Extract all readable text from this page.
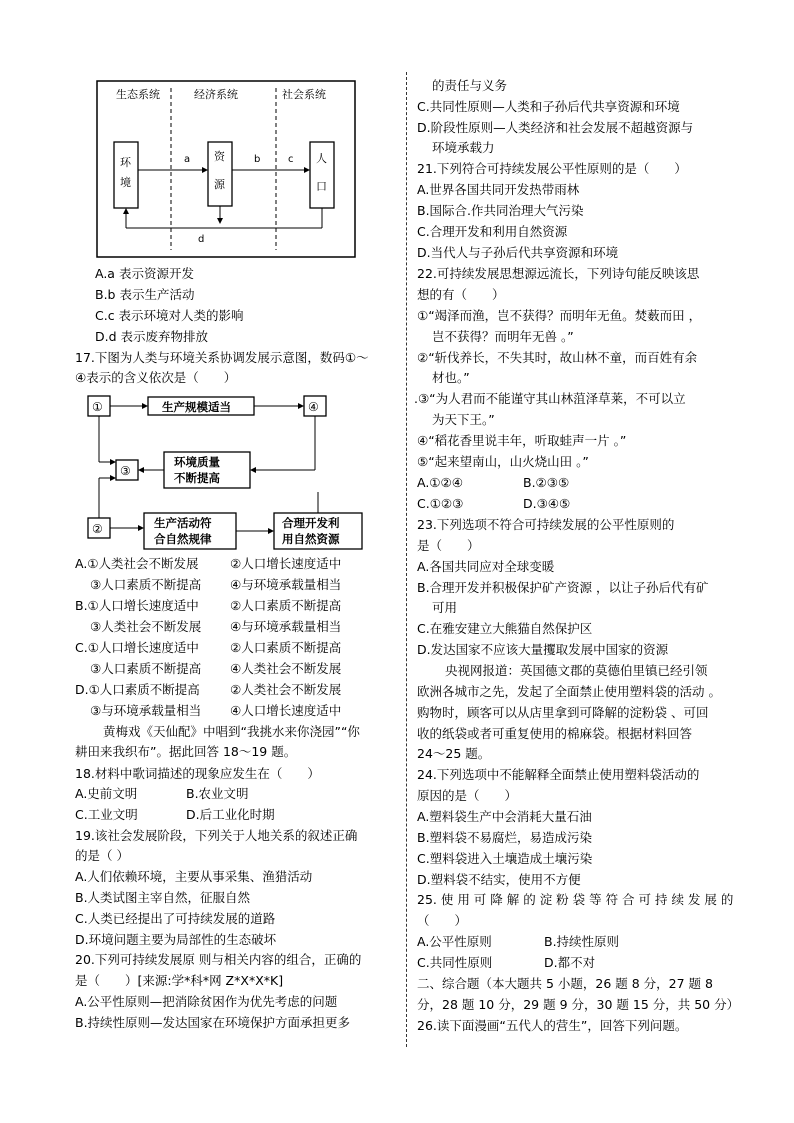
生态系统	经济系统	社会系统
环
境
资
源
人
口
a	b	c
d
A.a 表示资源开发
B.b 表示生产活动
C.c 表示环境对人类的影响
D.d 表示废弃物排放
17.下图为人类与环境关系协调发展示意图，数码①～
④表示的含义依次是（　　）
①	生产规模适当	④
③
环境质量
不断提高
②	生产活动符
合自然规律
合理开发利
用自然资源
A.①人类社会不断发展	②人口增长速度适中
③人口素质不断提高 ④与环境承载量相当
B.①人口增长速度适中 ②人口素质不断提高
③人类社会不断发展 ④与环境承载量相当
C.①人口增长速度适中 ②人口素质不断提高
③人口素质不断提高 ④人类社会不断发展
D.①人口素质不断提高 ②人类社会不断发展
③与环境承载量相当 ④人口增长速度适中
黄梅戏《天仙配》中唱到“我挑水来你浇园”“你
耕田来我织布”。据此回答 18～19 题。
18.材料中歌词描述的现象应发生在（　　）
A.史前文明	B.农业文明
C.工业文明	D.后工业化时期
19.该社会发展阶段，下列关于人地关系的叙述正确
的是（ ）
A.人们依赖环境，主要从事采集、渔猎活动
B.人类试图主宰自然，征服自然
C.人类已经提出了可持续发展的道路
D.环境问题主要为局部性的生态破坏
20.下列可持续发展原 则与相关内容的组合，正确的
是（　　）[来源:学*科*网 Z*X*X*K]
A.公平性原则—把消除贫困作为优先考虑的问题
B.持续性原则—发达国家在环境保护方面承担更多
的责任与义务
C.共同性原则—人类和子孙后代共享资源和环境
D.阶段性原则—人类经济和社会发展不超越资源与
环境承载力
21.下列符合可持续发展公平性原则的是（　　）
A.世界各国共同开发热带雨林
B.国际合.作共同治理大气污染
C.合理开发和利用自然资源
D.当代人与子孙后代共享资源和环境
22.可持续发展思想源远流长，下列诗句能反映该思
想的有（　　）
①“竭泽而渔，岂不获得？而明年无鱼。焚薮而田 ，
岂不获得？而明年无兽 。”
②“斩伐养长，不失其时，故山林不童，而百姓有余
材也。”
.③“为人君而不能谨守其山林菹泽草莱，不可以立
为天下王。”
④“稻花香里说丰年，听取蛙声一片 。”
⑤“起来望南山，山火烧山田 。”
A.①②④	B.②③⑤
C.①②③	D.③④⑤
23.下列选项不符合可持续发展的公平性原则的
是（　　）
A.各国共同应对全球变暖
B.合理开发并积极保护矿产资源 ，以让子孙后代有矿
可用
C.在雅安建立大熊猫自然保护区
D.发达国家不应该大量攫取发展中国家的资源
央视网报道：英国德文郡的莫德伯里镇已经引领
欧洲各城市之先，发起了全面禁止使用塑料袋的活动 。
购物时，顾客可以从店里拿到可降解的淀粉袋 、可回
收的纸袋或者可重复使用的棉麻袋。根据材料回答
24～25 题。
24.下列选项中不能解释全面禁止使用塑料袋活动的
原因的是（　　）
A.塑料袋生产中会消耗大量石油
B.塑料袋不易腐烂，易造成污染
C.塑料袋进入土壤造成土壤污染
D.塑料袋不结实，使用不方便
25. 使 用 可 降 解 的 淀 粉 袋 等 符 合 可 持 续 发 展 的
（　　）
A.公平性原则	B.持续性原则
C.共同性原则	D.都不对
二、综合题（本大题共 5 小题，26 题 8 分，27 题 8
分，28 题 10 分，29 题 9 分，30 题 15 分，共 50 分）
26.读下面漫画“五代人的营生”，回答下列问题。
